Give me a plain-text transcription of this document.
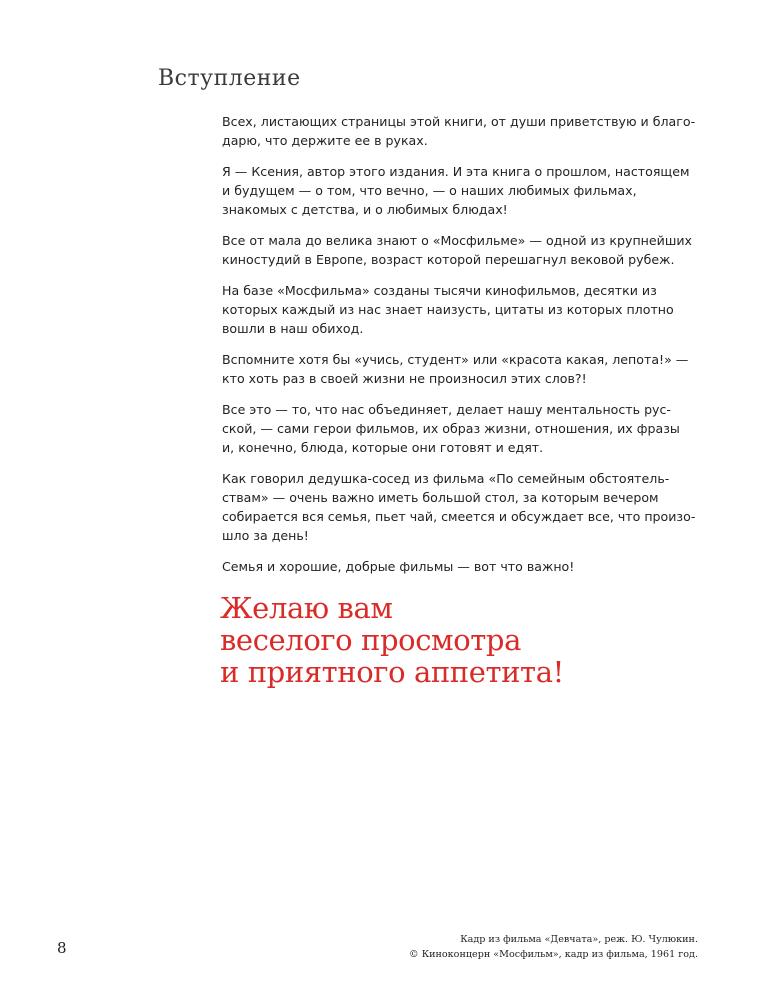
Вступление

Всех, листающих страницы этой книги, от души приветствую и благо-
дарю, что держите ее в руках.

Я — Ксения, автор этого издания. И эта книга о прошлом, настоящем
и будущем — о том, что вечно, — о наших любимых фильмах,
знакомых с детства, и о любимых блюдах!

Все от мала до велика знают о «Мосфильме» — одной из крупнейших
киностудий в Европе, возраст которой перешагнул вековой рубеж.

На базе «Мосфильма» созданы тысячи кинофильмов, десятки из
которых каждый из нас знает наизусть, цитаты из которых плотно
вошли в наш обиход.

Вспомните хотя бы «учись, студент» или «красота какая, лепота!» —
кто хоть раз в своей жизни не произносил этих слов?!

Все это — то, что нас объединяет, делает нашу ментальность рус-
ской, — сами герои фильмов, их образ жизни, отношения, их фразы
и, конечно, блюда, которые они готовят и едят.

Как говорил дедушка-сосед из фильма «По семейным обстоятель-
ствам» — очень важно иметь большой стол, за которым вечером
собирается вся семья, пьет чай, смеется и обсуждает все, что произо-
шло за день!

Семья и хорошие, добрые фильмы — вот что важно!

Желаю вам
веселого просмотра
и приятного аппетита!
8	Кадр из фильма «Девчата», реж. Ю. Чулюкин.
© Киноконцерн «Мосфильм», кадр из фильма, 1961 год.
